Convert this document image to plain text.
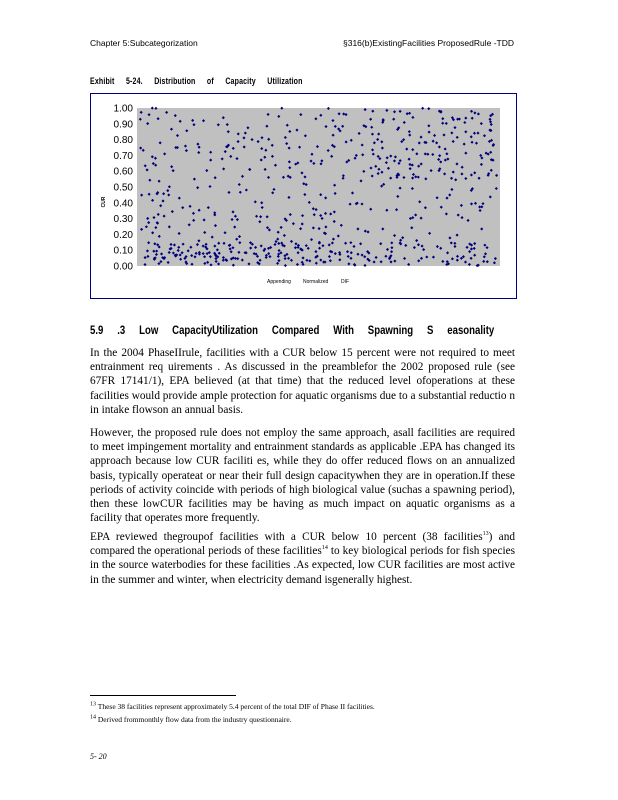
Chapter 5:Subcategorization	§316(b)ExistingFacilities ProposedRule -TDD
Exhibit 5-24. Distribution of Capacity Utilization
CUR
1.00
0.90
0.80
0.70
0.60
0.50
0.40
0.30
0.20
0.10
0.00
Appending Normalized	DIF
5.9 .3 Low CapacityUtilization Compared With Spawning S easonality

In the 2004 PhaseIIrule, facilities with a CUR below 15 percent were not required to meet entrainment req uirements . As discussed in the preamblefor the 2002 proposed rule (see 67FR 17141/1), EPA believed (at that time) that the reduced level ofoperations at these facilities would provide ample protection for aquatic organisms due to a substantial reductio n in intake flowson an annual basis.

However, the proposed rule does not employ the same approach, asall facilities are required to meet impingement mortality and entrainment standards as applicable .EPA has changed its approach because low CUR faciliti es, while they do offer reduced flows on an annualized basis, typically operateat or near their full design capacitywhen they are in operation.If these periods of activity coincide with periods of high biological value (suchas a spawning period), then these lowCUR facilities may be having as much impact on aquatic organisms as a facility that operates more frequently.

EPA reviewed thegroupof facilities with a CUR below 10 percent (38 facilities$^{13}$) and compared the operational periods of these facilities$^{14}$ to key biological periods for fish species in the source waterbodies for these facilities .As expected, low CUR facilities are most active in the summer and winter, when electricity demand isgenerally highest.

$^{13}$ These 38 facilities represent approximately 5.4 percent of the total DIF of Phase II facilities.
$^{14}$ Derived frommonthly flow data from the industry questionnaire.
5- 20
